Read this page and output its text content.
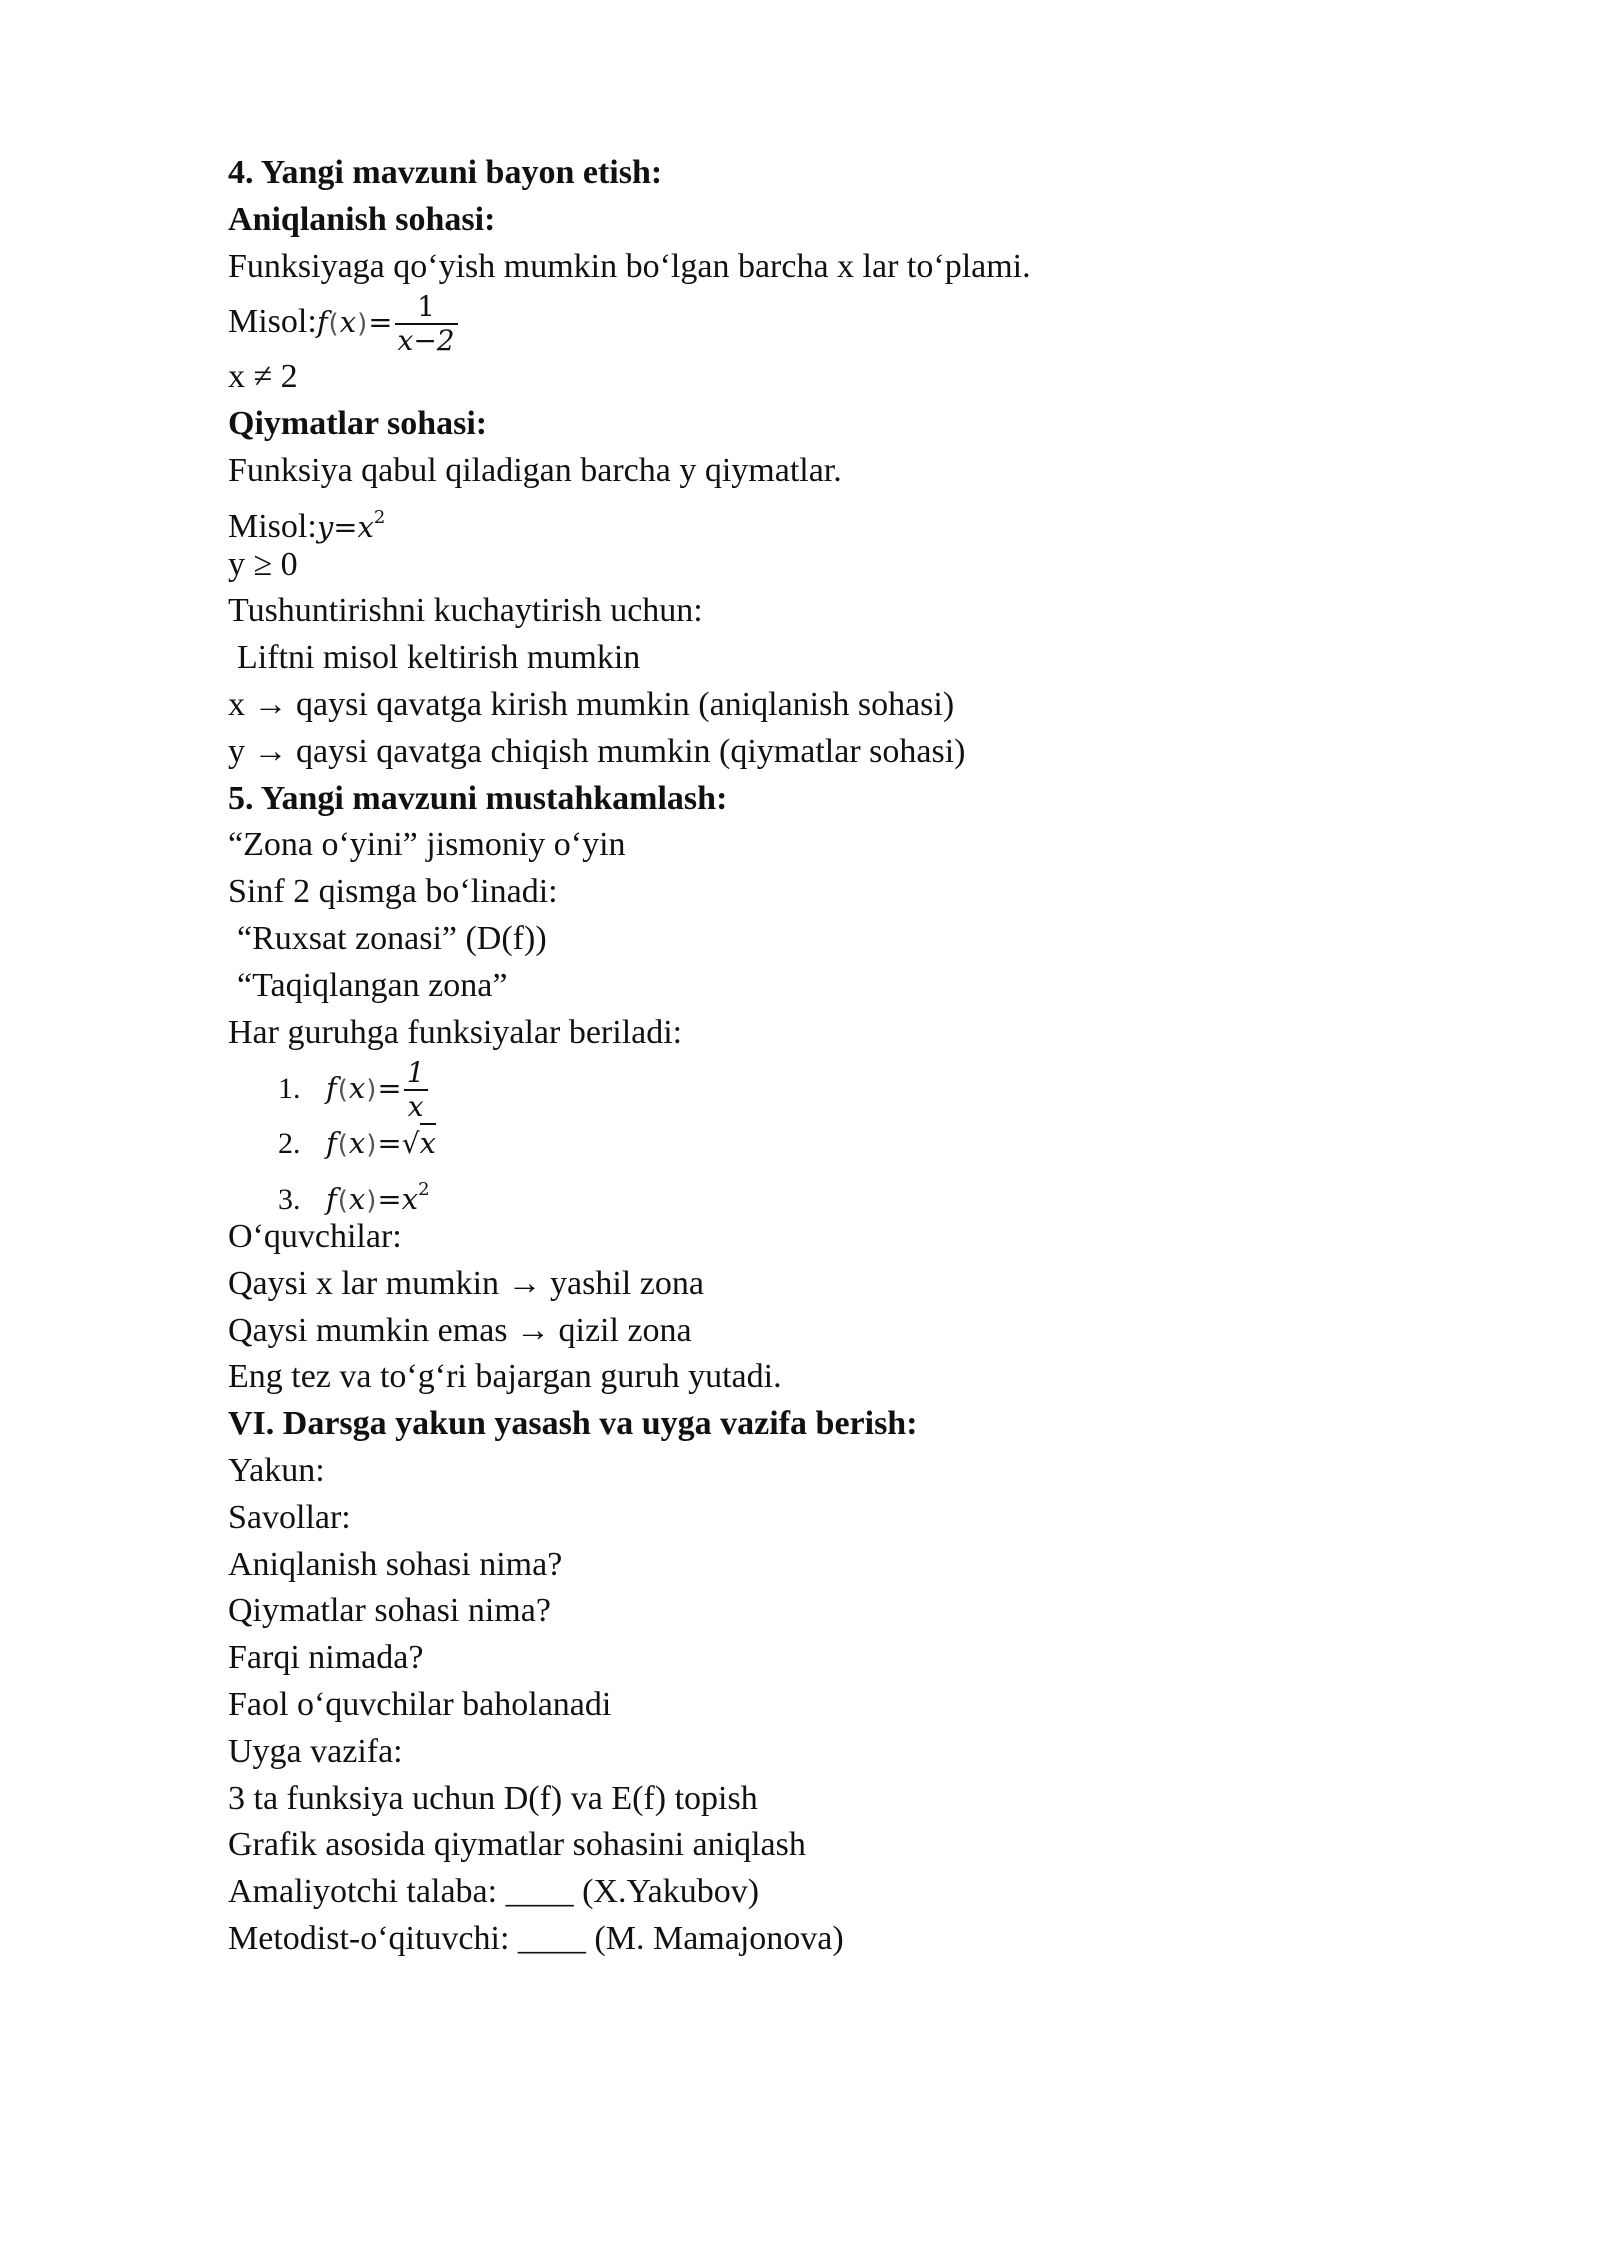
4. Yangi mavzuni bayon etish:
Aniqlanish sohasi:
Funksiyaga qo‘yish mumkin bo‘lgan barcha x lar to‘plami.
Misol:f(x)= $\frac{1}{x-2}$
x ≠ 2
Qiymatlar sohasi:
Funksiya qabul qiladigan barcha y qiymatlar.
$Misol:y=x^2$
y ≥ 0
Tushuntirishni kuchaytirish uchun:
Liftni misol keltirish mumkin
x → qaysi qavatga kirish mumkin (aniqlanish sohasi)
y → qaysi qavatga chiqish mumkin (qiymatlar sohasi)
5. Yangi mavzuni mustahkamlash:
“Zona o‘yini” jismoniy o‘yin
Sinf 2 qismga bo‘linadi:
“Ruxsat zonasi” (D(f))
“Taqiqlangan zona”
Har guruhga funksiyalar beriladi:
1. $f(x)= \frac{1}{x}$
2. f(x)=√x
3. $f(x)=x^2$
O‘quvchilar:
Qaysi x lar mumkin → yashil zona
Qaysi mumkin emas → qizil zona
Eng tez va to‘g‘ri bajargan guruh yutadi.
VI. Darsga yakun yasash va uyga vazifa berish:
Yakun:
Savollar:
Aniqlanish sohasi nima?
Qiymatlar sohasi nima?
Farqi nimada?
Faol o‘quvchilar baholanadi
Uyga vazifa:
3 ta funksiya uchun D(f) va E(f) topish
Grafik asosida qiymatlar sohasini aniqlash
Amaliyotchi talaba: ____ (X.Yakubov)
Metodist-o‘qituvchi: ____ (M. Mamajonova)
